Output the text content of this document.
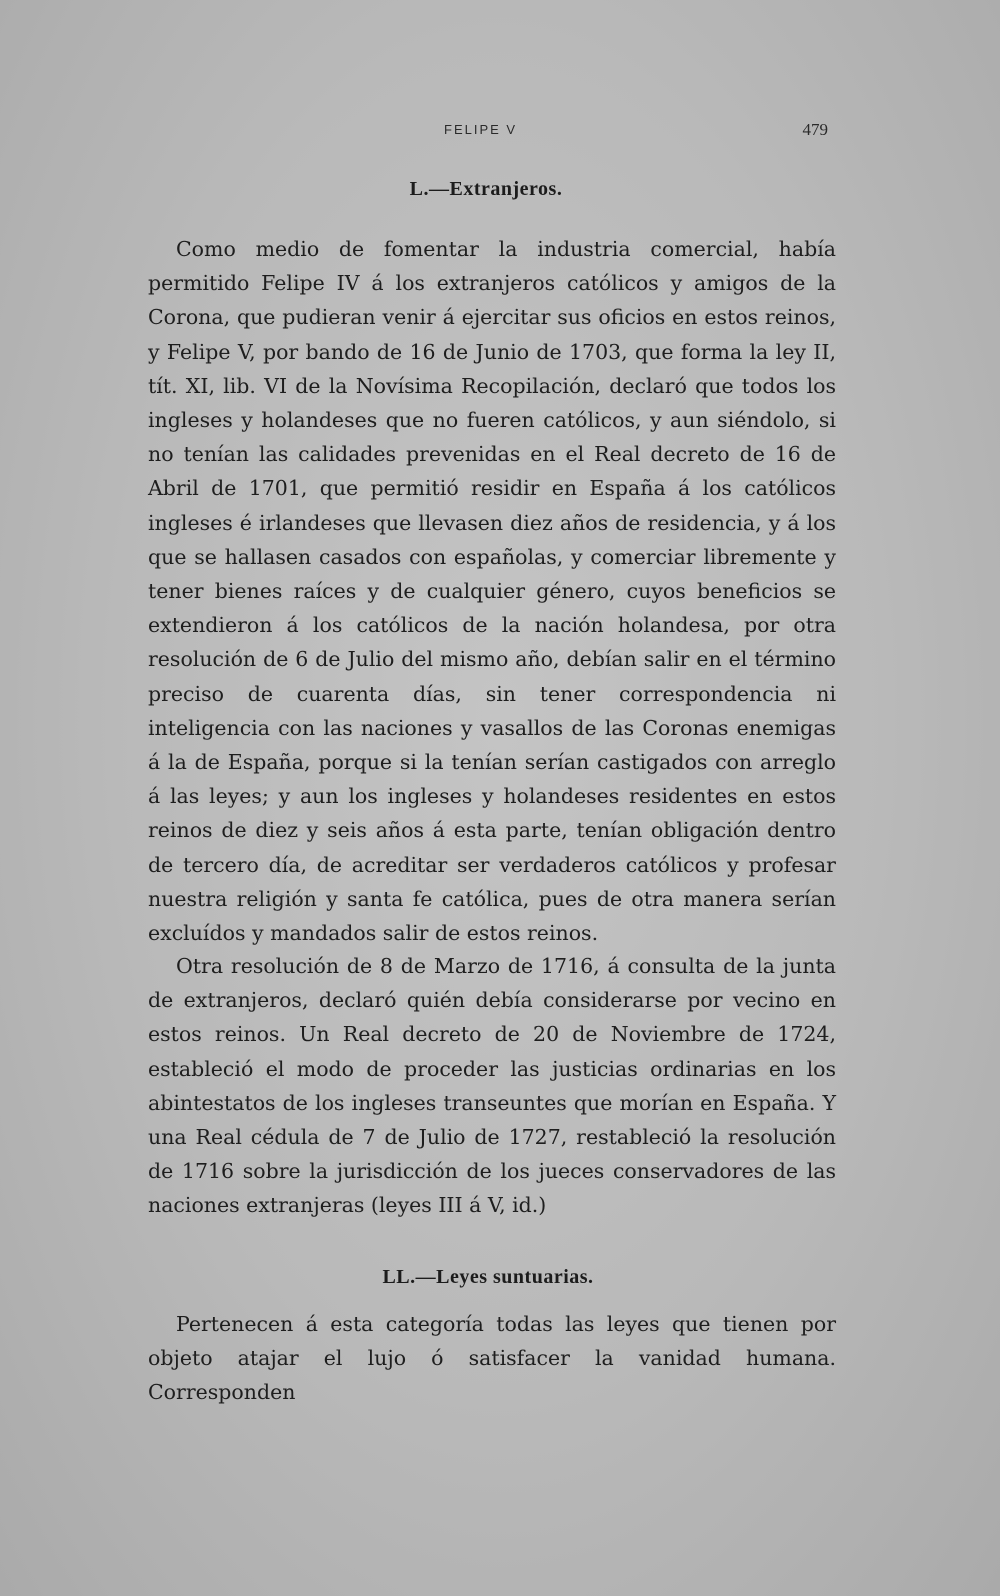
FELIPE V	479
L.—Extranjeros.

Como medio de fomentar la industria comercial, había permitido Felipe IV á los extranjeros católicos y amigos de la Corona, que pudieran venir á ejercitar sus oficios en estos reinos, y Felipe V, por bando de 16 de Junio de 1703, que forma la ley II, tít. XI, lib. VI de la Novísima Recopilación, declaró que todos los ingleses y holandeses que no fueren católicos, y aun siéndolo, si no tenían las calidades prevenidas en el Real decreto de 16 de Abril de 1701, que permitió residir en España á los católicos ingleses é irlandeses que llevasen diez años de residencia, y á los que se hallasen casados con españolas, y comerciar libremente y tener bienes raíces y de cualquier género, cuyos beneficios se extendieron á los católicos de la nación holandesa, por otra resolución de 6 de Julio del mismo año, debían salir en el término preciso de cuarenta días, sin tener correspondencia ni inteligencia con las naciones y vasallos de las Coronas enemigas á la de España, porque si la tenían serían castigados con arreglo á las leyes; y aun los ingleses y holandeses residentes en estos reinos de diez y seis años á esta parte, tenían obligación dentro de tercero día, de acreditar ser verdaderos católicos y profesar nuestra religión y santa fe católica, pues de otra manera serían excluídos y mandados salir de estos reinos.

Otra resolución de 8 de Marzo de 1716, á consulta de la junta de extranjeros, declaró quién debía considerarse por vecino en estos reinos. Un Real decreto de 20 de Noviembre de 1724, estableció el modo de proceder las justicias ordinarias en los abintestatos de los ingleses transeuntes que morían en España. Y una Real cédula de 7 de Julio de 1727, restableció la resolución de 1716 sobre la jurisdicción de los jueces conservadores de las naciones extranjeras (leyes III á V, id.)

LL.—Leyes suntuarias.

Pertenecen á esta categoría todas las leyes que tienen por objeto atajar el lujo ó satisfacer la vanidad humana. Corresponden
